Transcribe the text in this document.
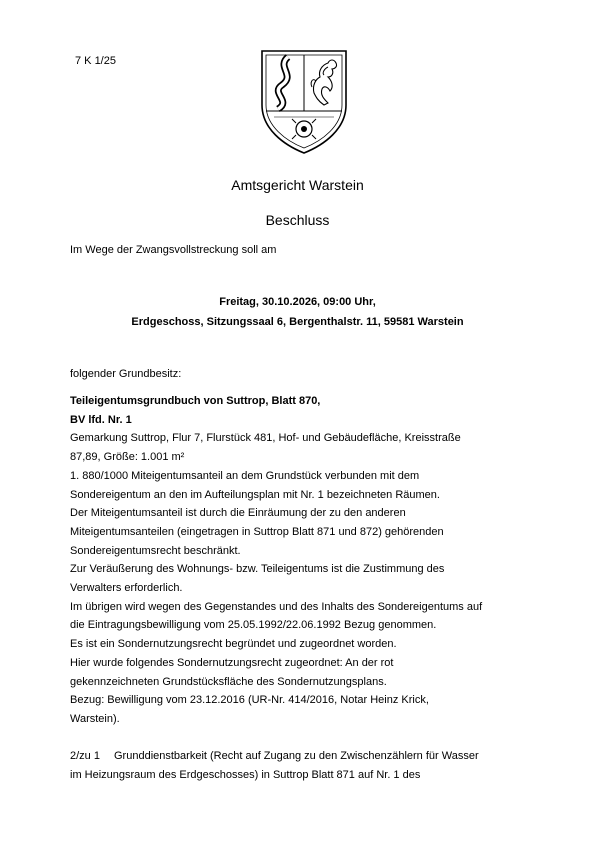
7 K 1/25
Amtsgericht Warstein
Beschluss
Im Wege der Zwangsvollstreckung soll am
Freitag, 30.10.2026, 09:00 Uhr,
Erdgeschoss, Sitzungssaal 6, Bergenthalstr. 11, 59581 Warstein
folgender Grundbesitz:
Teileigentumsgrundbuch von Suttrop, Blatt 870,
BV lfd. Nr. 1
Gemarkung Suttrop, Flur 7, Flurstück 481, Hof- und Gebäudefläche, Kreisstraße
87,89, Größe: 1.001 m²
1. 880/1000 Miteigentumsanteil an dem Grundstück verbunden mit dem
Sondereigentum an den im Aufteilungsplan mit Nr. 1 bezeichneten Räumen.
Der Miteigentumsanteil ist durch die Einräumung der zu den anderen
Miteigentumsanteilen (eingetragen in Suttrop Blatt 871 und 872) gehörenden
Sondereigentumsrecht beschränkt.
Zur Veräußerung des Wohnungs- bzw. Teileigentums ist die Zustimmung des
Verwalters erforderlich.
Im übrigen wird wegen des Gegenstandes und des Inhalts des Sondereigentums auf
die Eintragungsbewilligung vom 25.05.1992/22.06.1992 Bezug genommen.
Es ist ein Sondernutzungsrecht begründet und zugeordnet worden.
Hier wurde folgendes Sondernutzungsrecht zugeordnet: An der rot
gekennzeichneten Grundstücksfläche des Sondernutzungsplans.
Bezug: Bewilligung vom 23.12.2016 (UR-Nr. 414/2016, Notar Heinz Krick,
Warstein).
2/zu 1 Grunddienstbarkeit (Recht auf Zugang zu den Zwischenzählern für Wasser
im Heizungsraum des Erdgeschosses) in Suttrop Blatt 871 auf Nr. 1 des
